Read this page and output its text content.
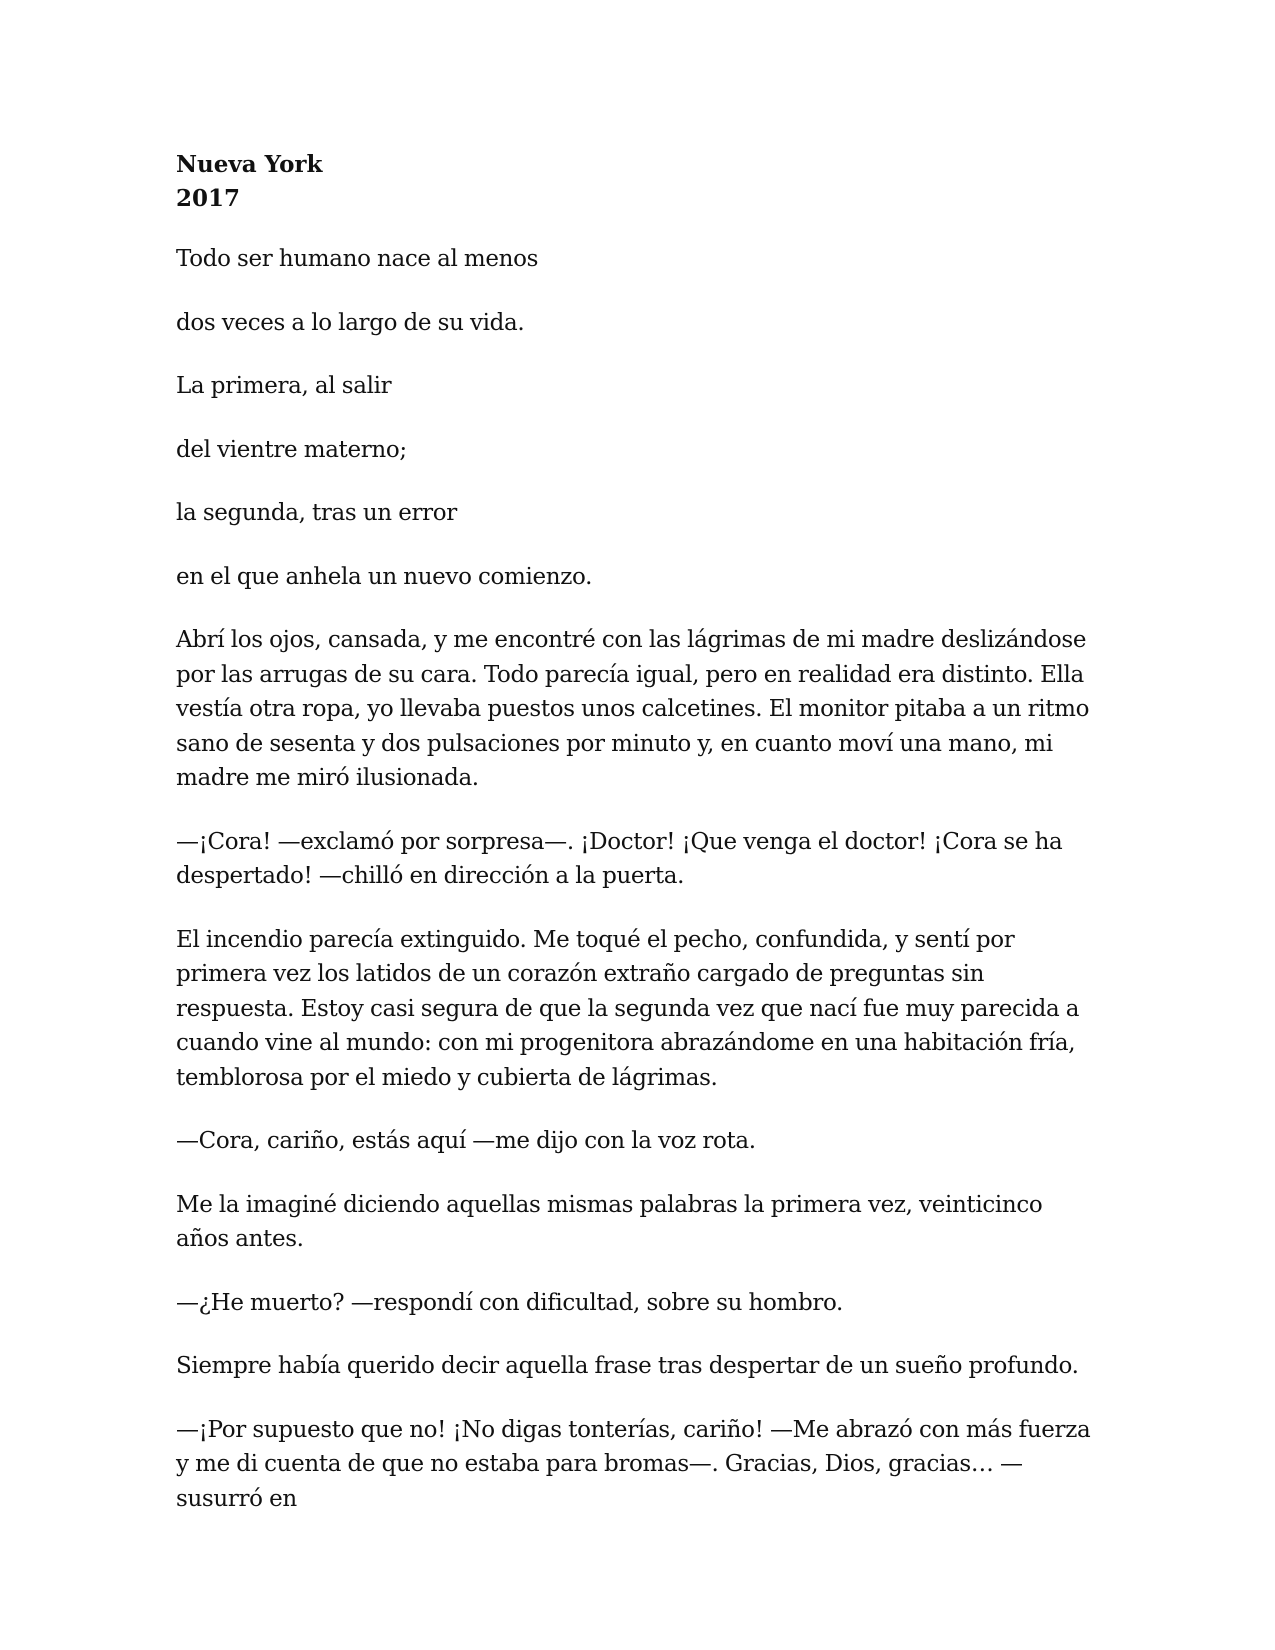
Nueva York
2017

Todo ser humano nace al menos

dos veces a lo largo de su vida.

La primera, al salir

del vientre materno;

la segunda, tras un error

en el que anhela un nuevo comienzo.

Abrí los ojos, cansada, y me encontré con las lágrimas de mi madre deslizándose por las arrugas de su cara. Todo parecía igual, pero en realidad era distinto. Ella vestía otra ropa, yo llevaba puestos unos calcetines. El monitor pitaba a un ritmo sano de sesenta y dos pulsaciones por minuto y, en cuanto moví una mano, mi madre me miró ilusionada.

—¡Cora! —exclamó por sorpresa—. ¡Doctor! ¡Que venga el doctor! ¡Cora se ha despertado! —chilló en dirección a la puerta.

El incendio parecía extinguido. Me toqué el pecho, confundida, y sentí por primera vez los latidos de un corazón extraño cargado de preguntas sin respuesta. Estoy casi segura de que la segunda vez que nací fue muy parecida a cuando vine al mundo: con mi progenitora abrazándome en una habitación fría, temblorosa por el miedo y cubierta de lágrimas.

—Cora, cariño, estás aquí —me dijo con la voz rota.

Me la imaginé diciendo aquellas mismas palabras la primera vez, veinticinco años antes.

—¿He muerto? —respondí con dificultad, sobre su hombro.

Siempre había querido decir aquella frase tras despertar de un sueño profundo.

—¡Por supuesto que no! ¡No digas tonterías, cariño! —Me abrazó con más fuerza y me di cuenta de que no estaba para bromas—. Gracias, Dios, gracias… —susurró en
